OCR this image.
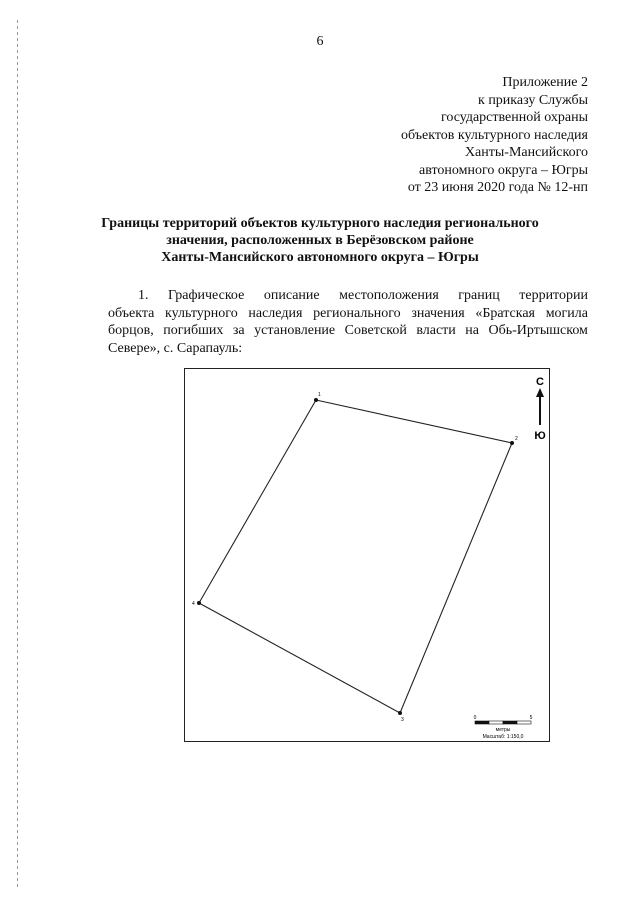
6
Приложение 2
к приказу Службы
государственной охраны
объектов культурного наследия
Ханты-Мансийского
автономного округа – Югры
от 23 июня 2020 года № 12-нп
Границы территорий объектов культурного наследия регионального
значения, расположенных в Берёзовском районе
Ханты-Мансийского автономного округа – Югры
1. Графическое описание местоположения границ территории
объекта культурного наследия регионального значения «Братская могила
борцов, погибших за установление Советской власти на Обь-Иртышском
Севере», с. Сарапауль:
1
2
3
4
С
Ю
0	5
метры
Масштаб: 1:150,0
